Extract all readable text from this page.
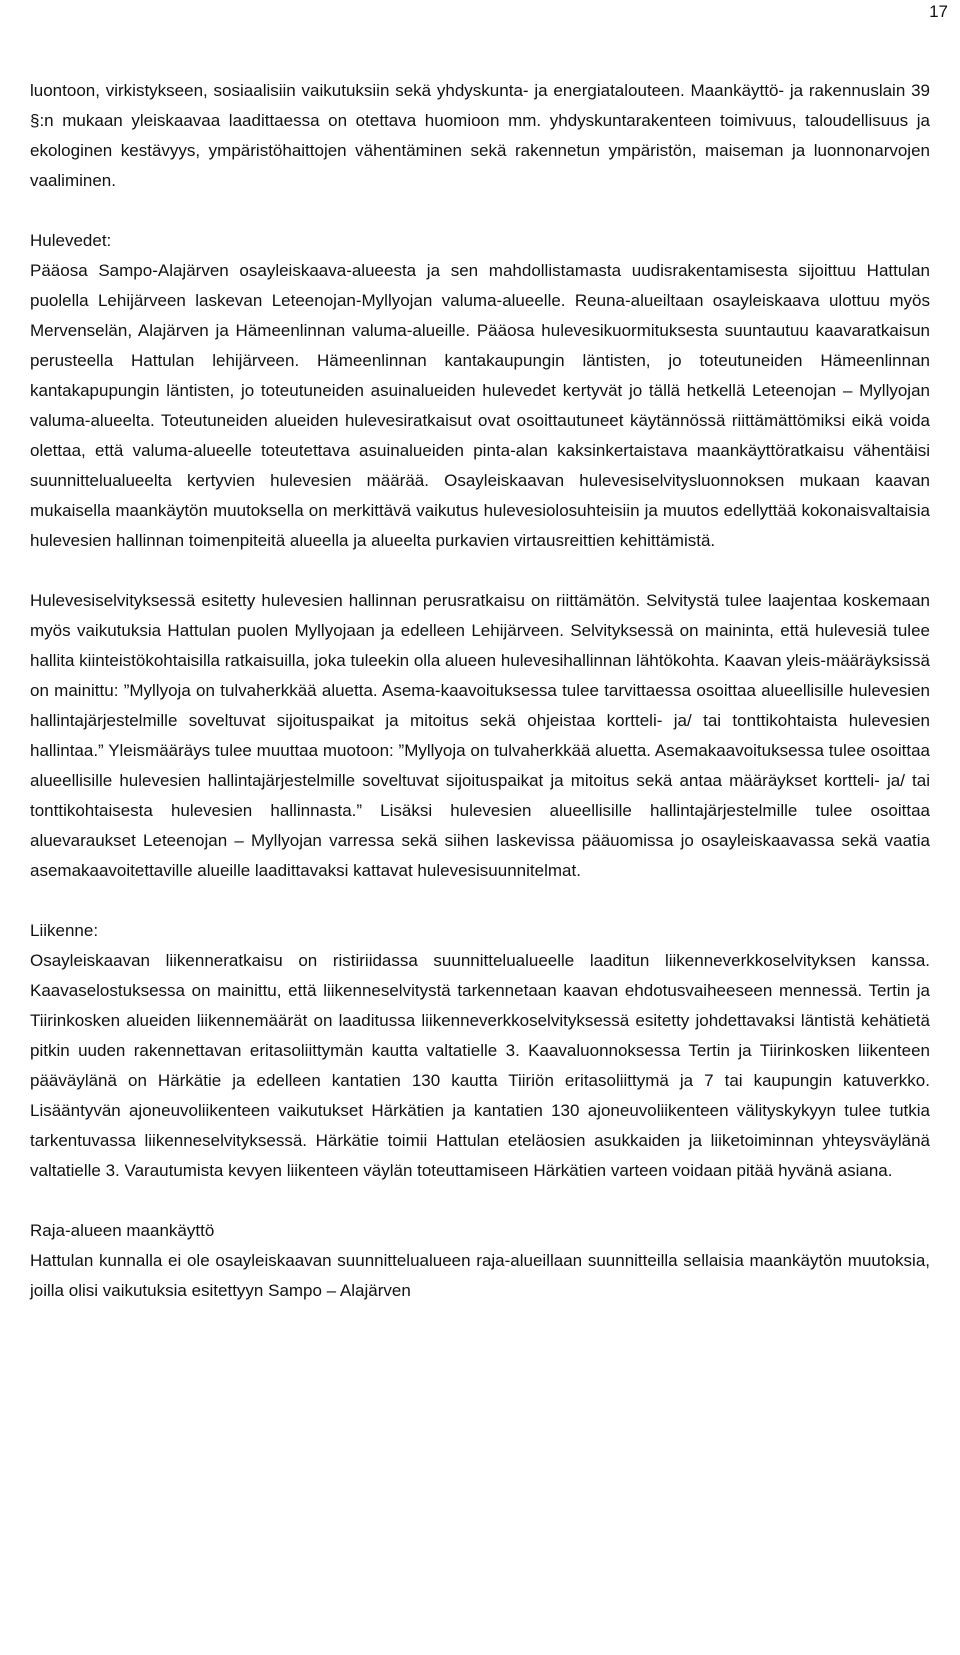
17

luontoon, virkistykseen, sosiaalisiin vaikutuksiin sekä yhdyskunta- ja energiatalouteen. Maankäyttö- ja rakennuslain 39 §:n mukaan yleiskaavaa laadittaessa on otettava huomioon mm. yhdyskuntarakenteen toimivuus, taloudellisuus ja ekologinen kestävyys, ympäristöhaittojen vähentäminen sekä rakennetun ympäristön, maiseman ja luonnonarvojen vaaliminen.

Hulevedet:

Pääosa Sampo-Alajärven osayleiskaava-alueesta ja sen mahdollistamasta uudisrakentamisesta sijoittuu Hattulan puolella Lehijärveen laskevan Leteenojan-Myllyojan valuma-alueelle. Reuna-alueiltaan osayleiskaava ulottuu myös Mervenselän, Alajärven ja Hämeenlinnan valuma-alueille. Pääosa hulevesikuormituksesta suuntautuu kaavaratkaisun perusteella Hattulan lehijärveen. Hämeenlinnan kantakaupungin läntisten, jo toteutuneiden Hämeenlinnan kantakapupungin läntisten, jo toteutuneiden asuinalueiden hulevedet kertyvät jo tällä hetkellä Leteenojan – Myllyojan valuma-alueelta. Toteutuneiden alueiden hulevesiratkaisut ovat osoittautuneet käytännössä riittämättömiksi eikä voida olettaa, että valuma-alueelle toteutettava asuinalueiden pinta-alan kaksinkertaistava maankäyttöratkaisu vähentäisi suunnittelualueelta kertyvien hulevesien määrää. Osayleiskaavan hulevesiselvitysluonnoksen mukaan kaavan mukaisella maankäytön muutoksella on merkittävä vaikutus hulevesiolosuhteisiin ja muutos edellyttää kokonaisvaltaisia hulevesien hallinnan toimenpiteitä alueella ja alueelta purkavien virtausreittien kehittämistä.

Hulevesiselvityksessä esitetty hulevesien hallinnan perusratkaisu on riittämätön. Selvitystä tulee laajentaa koskemaan myös vaikutuksia Hattulan puolen Myllyojaan ja edelleen Lehijärveen. Selvityksessä on maininta, että hulevesiä tulee hallita kiinteistökohtaisilla ratkaisuilla, joka tuleekin olla alueen hulevesihallinnan lähtökohta. Kaavan yleis-määräyksissä on mainittu: ”Myllyoja on tulvaherkkää aluetta. Asema-kaavoituksessa tulee tarvittaessa osoittaa alueellisille hulevesien hallintajärjestelmille soveltuvat sijoituspaikat ja mitoitus sekä ohjeistaa kortteli- ja/ tai tonttikohtaista hulevesien hallintaa.” Yleismääräys tulee muuttaa muotoon: ”Myllyoja on tulvaherkkää aluetta. Asemakaavoituksessa tulee osoittaa alueellisille hulevesien hallintajärjestelmille soveltuvat sijoituspaikat ja mitoitus sekä antaa määräykset kortteli- ja/ tai tonttikohtaisesta hulevesien hallinnasta.” Lisäksi hulevesien alueellisille hallintajärjestelmille tulee osoittaa aluevaraukset Leteenojan – Myllyojan varressa sekä siihen laskevissa pääuomissa jo osayleiskaavassa sekä vaatia asemakaavoitettaville alueille laadittavaksi kattavat hulevesisuunnitelmat.

Liikenne:

Osayleiskaavan liikenneratkaisu on ristiriidassa suunnittelualueelle laaditun liikenneverkkoselvityksen kanssa. Kaavaselostuksessa on mainittu, että liikenneselvitystä tarkennetaan kaavan ehdotusvaiheeseen mennessä. Tertin ja Tiirinkosken alueiden liikennemäärät on laaditussa liikenneverkkoselvityksessä esitetty johdettavaksi läntistä kehätietä pitkin uuden rakennettavan eritasoliittymän kautta valtatielle 3. Kaavaluonnoksessa Tertin ja Tiirinkosken liikenteen pääväylänä on Härkätie ja edelleen kantatien 130 kautta Tiiriön eritasoliittymä ja 7 tai kaupungin katuverkko. Lisääntyvän ajoneuvoliikenteen vaikutukset Härkätien ja kantatien 130 ajoneuvoliikenteen välityskykyyn tulee tutkia tarkentuvassa liikenneselvityksessä. Härkätie toimii Hattulan eteläosien asukkaiden ja liiketoiminnan yhteysväylänä valtatielle 3. Varautumista kevyen liikenteen väylän toteuttamiseen Härkätien varteen voidaan pitää hyvänä asiana.

Raja-alueen maankäyttö

Hattulan kunnalla ei ole osayleiskaavan suunnittelualueen raja-alueillaan suunnitteilla sellaisia maankäytön muutoksia, joilla olisi vaikutuksia esitettyyn Sampo – Alajärven
